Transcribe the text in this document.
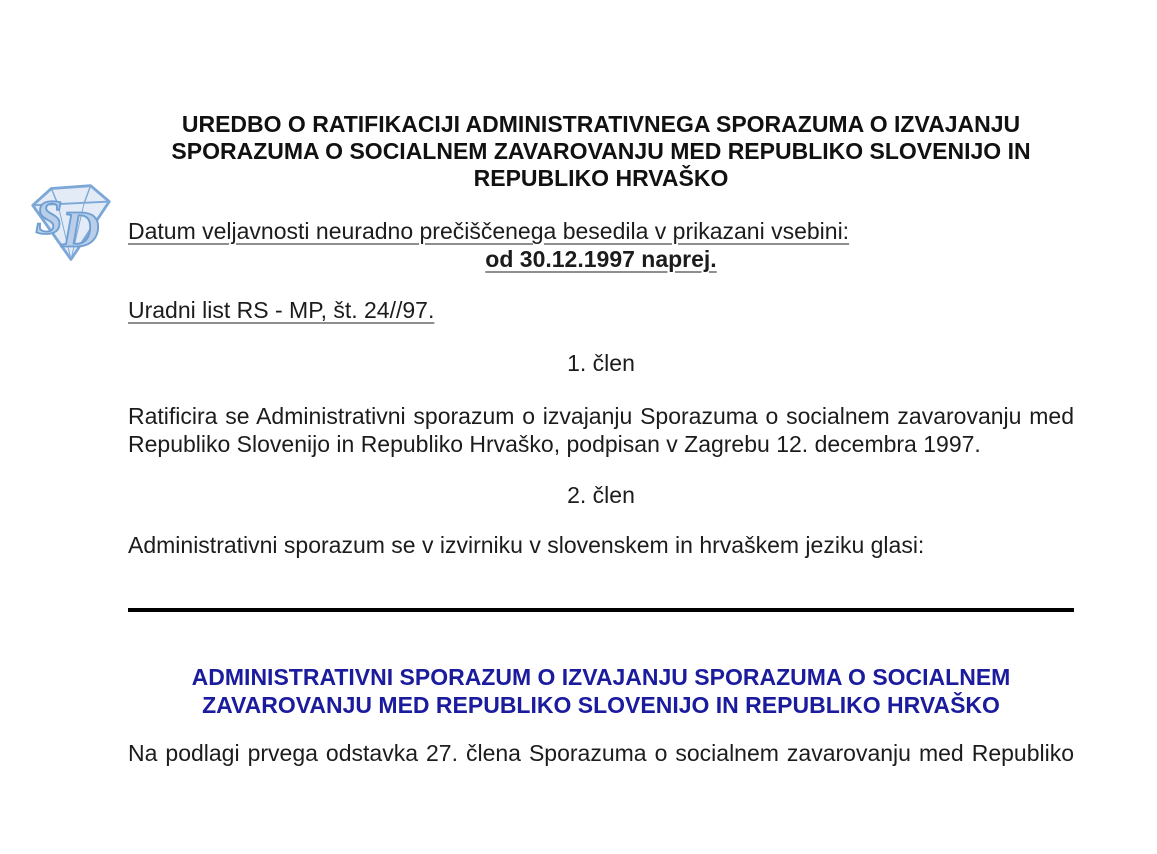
S D
UREDBO O RATIFIKACIJI ADMINISTRATIVNEGA SPORAZUMA O IZVAJANJU
SPORAZUMA O SOCIALNEM ZAVAROVANJU MED REPUBLIKO SLOVENIJO IN
REPUBLIKO HRVAŠKO
Datum veljavnosti neuradno prečiščenega besedila v prikazani vsebini:
od 30.12.1997 naprej.
Uradni list RS - MP, št. 24//97.
1. člen
Ratificira se Administrativni sporazum o izvajanju Sporazuma o socialnem zavarovanju med Republiko Slovenijo in Republiko Hrvaško, podpisan v Zagrebu 12. decembra 1997.
2. člen
Administrativni sporazum se v izvirniku v slovenskem in hrvaškem jeziku glasi:
ADMINISTRATIVNI SPORAZUM O IZVAJANJU SPORAZUMA O SOCIALNEM
ZAVAROVANJU MED REPUBLIKO SLOVENIJO IN REPUBLIKO HRVAŠKO
Na podlagi prvega odstavka 27. člena Sporazuma o socialnem zavarovanju med Republiko
